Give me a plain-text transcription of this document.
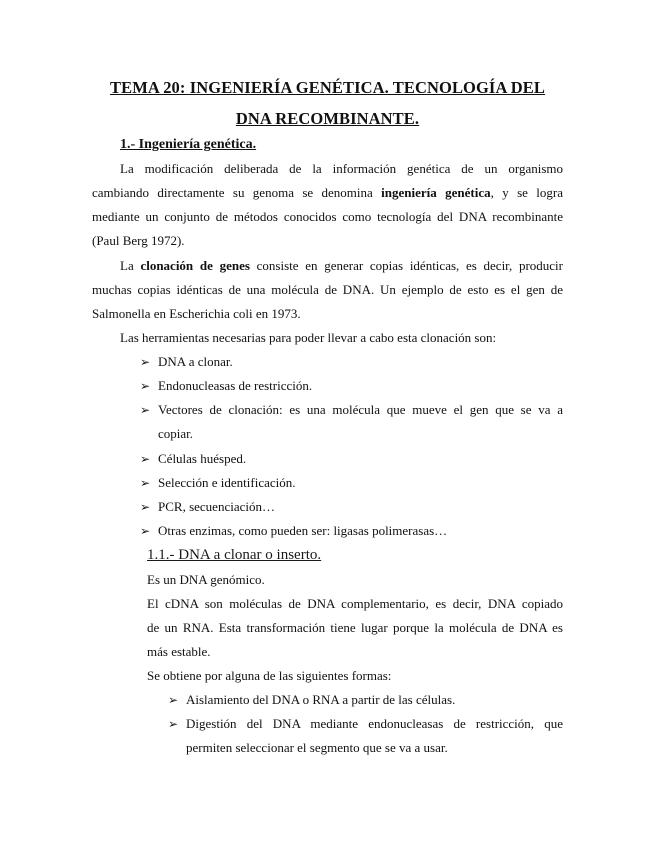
TEMA 20: INGENIERÍA GENÉTICA. TECNOLOGÍA DEL
DNA RECOMBINANTE.
1.- Ingeniería genética.
La modificación deliberada de la información genética de un organismo
cambiando directamente su genoma se denomina ingeniería genética, y se logra
mediante un conjunto de métodos conocidos como tecnología del DNA recombinante
(Paul Berg 1972).
La clonación de genes consiste en generar copias idénticas, es decir, producir
muchas copias idénticas de una molécula de DNA. Un ejemplo de esto es el gen de
Salmonella en Escherichia coli en 1973.
Las herramientas necesarias para poder llevar a cabo esta clonación son:
➢ DNA a clonar.
➢ Endonucleasas de restricción.
➢ Vectores de clonación: es una molécula que mueve el gen que se va a
copiar.
➢ Células huésped.
➢ Selección e identificación.
➢ PCR, secuenciación…
➢ Otras enzimas, como pueden ser: ligasas polimerasas…
1.1.- DNA a clonar o inserto.
Es un DNA genómico.
El cDNA son moléculas de DNA complementario, es decir, DNA copiado
de un RNA. Esta transformación tiene lugar porque la molécula de DNA es
más estable.
Se obtiene por alguna de las siguientes formas:
➢ Aislamiento del DNA o RNA a partir de las células.
➢ Digestión del DNA mediante endonucleasas de restricción, que
permiten seleccionar el segmento que se va a usar.
